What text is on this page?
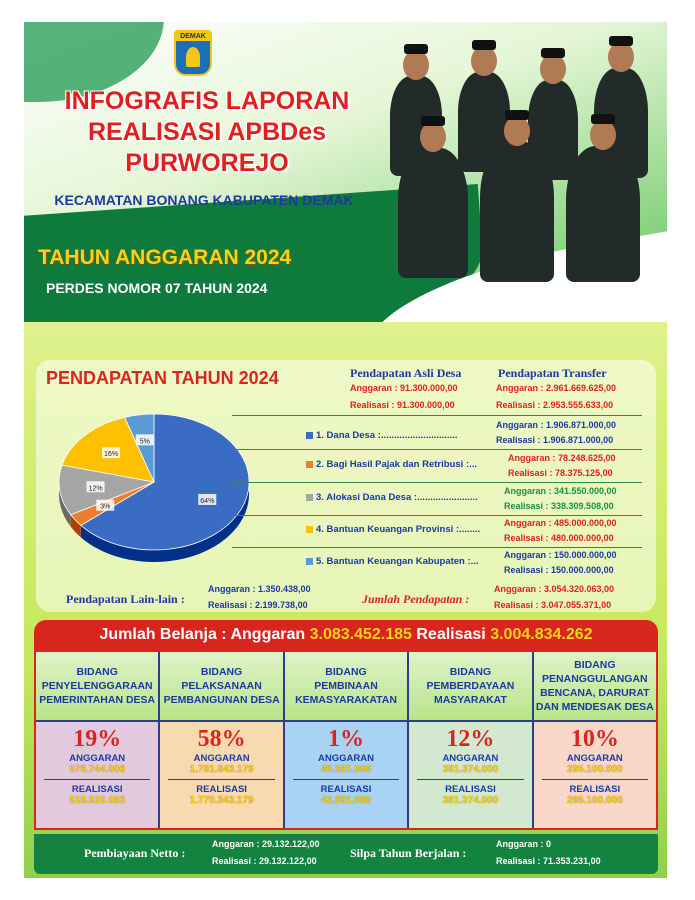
DEMAK
INFOGRAFIS LAPORAN
REALISASI APBDes
PURWOREJO
KECAMATAN BONANG KABUPATEN DEMAK
TAHUN ANGGARAN 2024
PERDES NOMOR 07 TAHUN 2024
PENDAPATAN TAHUN 2024
64%
3%
12%
16%
5%
Pendapatan Asli Desa
Anggaran : 91.300.000,00
Realisasi : 91.300.000,00
Pendapatan Transfer
Anggaran : 2.961.669.625,00
Realisasi : 2.953.555.633,00
1. Dana Desa :.............................
Anggaran : 1.906.871.000,00
Realisasi : 1.906.871.000,00
2. Bagi Hasil Pajak dan Retribusi :...
Anggaran : 78.248.625,00
Realisasi : 78.375.125,00
3. Alokasi Dana Desa :.......................
Anggaran : 341.550.000,00
Realisasi : 338.309.508,00
4. Bantuan Keuangan Provinsi :........
Anggaran : 485.000.000,00
Realisasi : 480.000.000,00
5. Bantuan Keuangan Kabupaten :...
Anggaran : 150.000.000,00
Realisasi : 150.000.000,00
Pendapatan Lain-lain :
Anggaran : 1.350.438,00
Realisasi : 2.199.738,00	Jumlah Pendapatan :
Anggaran : 3.054.320.063,00
Realisasi : 3.047.055.371,00
Jumlah Belanja : Anggaran 3.083.452.185 Realisasi 3.004.834.262
BIDANG
PENYELENGGARAAN
PEMERINTAHAN DESA
19%
ANGGARAN
576.744.006
REALISASI
515.926.083
BIDANG
PELAKSANAAN
PEMBANGUNAN DESA
58%
ANGGARAN
1.781.843.179
REALISASI
1.770.343.179
BIDANG
PEMBINAAN
KEMASYARAKATAN
1%
ANGGARAN
48.391.000
REALISASI
42.091.000
BIDANG
PEMBERDAYAAN
MASYARAKAT
12%
ANGGARAN
381.374.000
REALISASI
381.374.000
BIDANG
PENANGGULANGAN
BENCANA, DARURAT
DAN MENDESAK DESA
10%
ANGGARAN
295.100.000
REALISASI
295.100.000
Pembiayaan Netto :
Anggaran : 29.132.122,00
Realisasi : 29.132.122,00
Silpa Tahun Berjalan :
Anggaran : 0
Realisasi : 71.353.231,00
